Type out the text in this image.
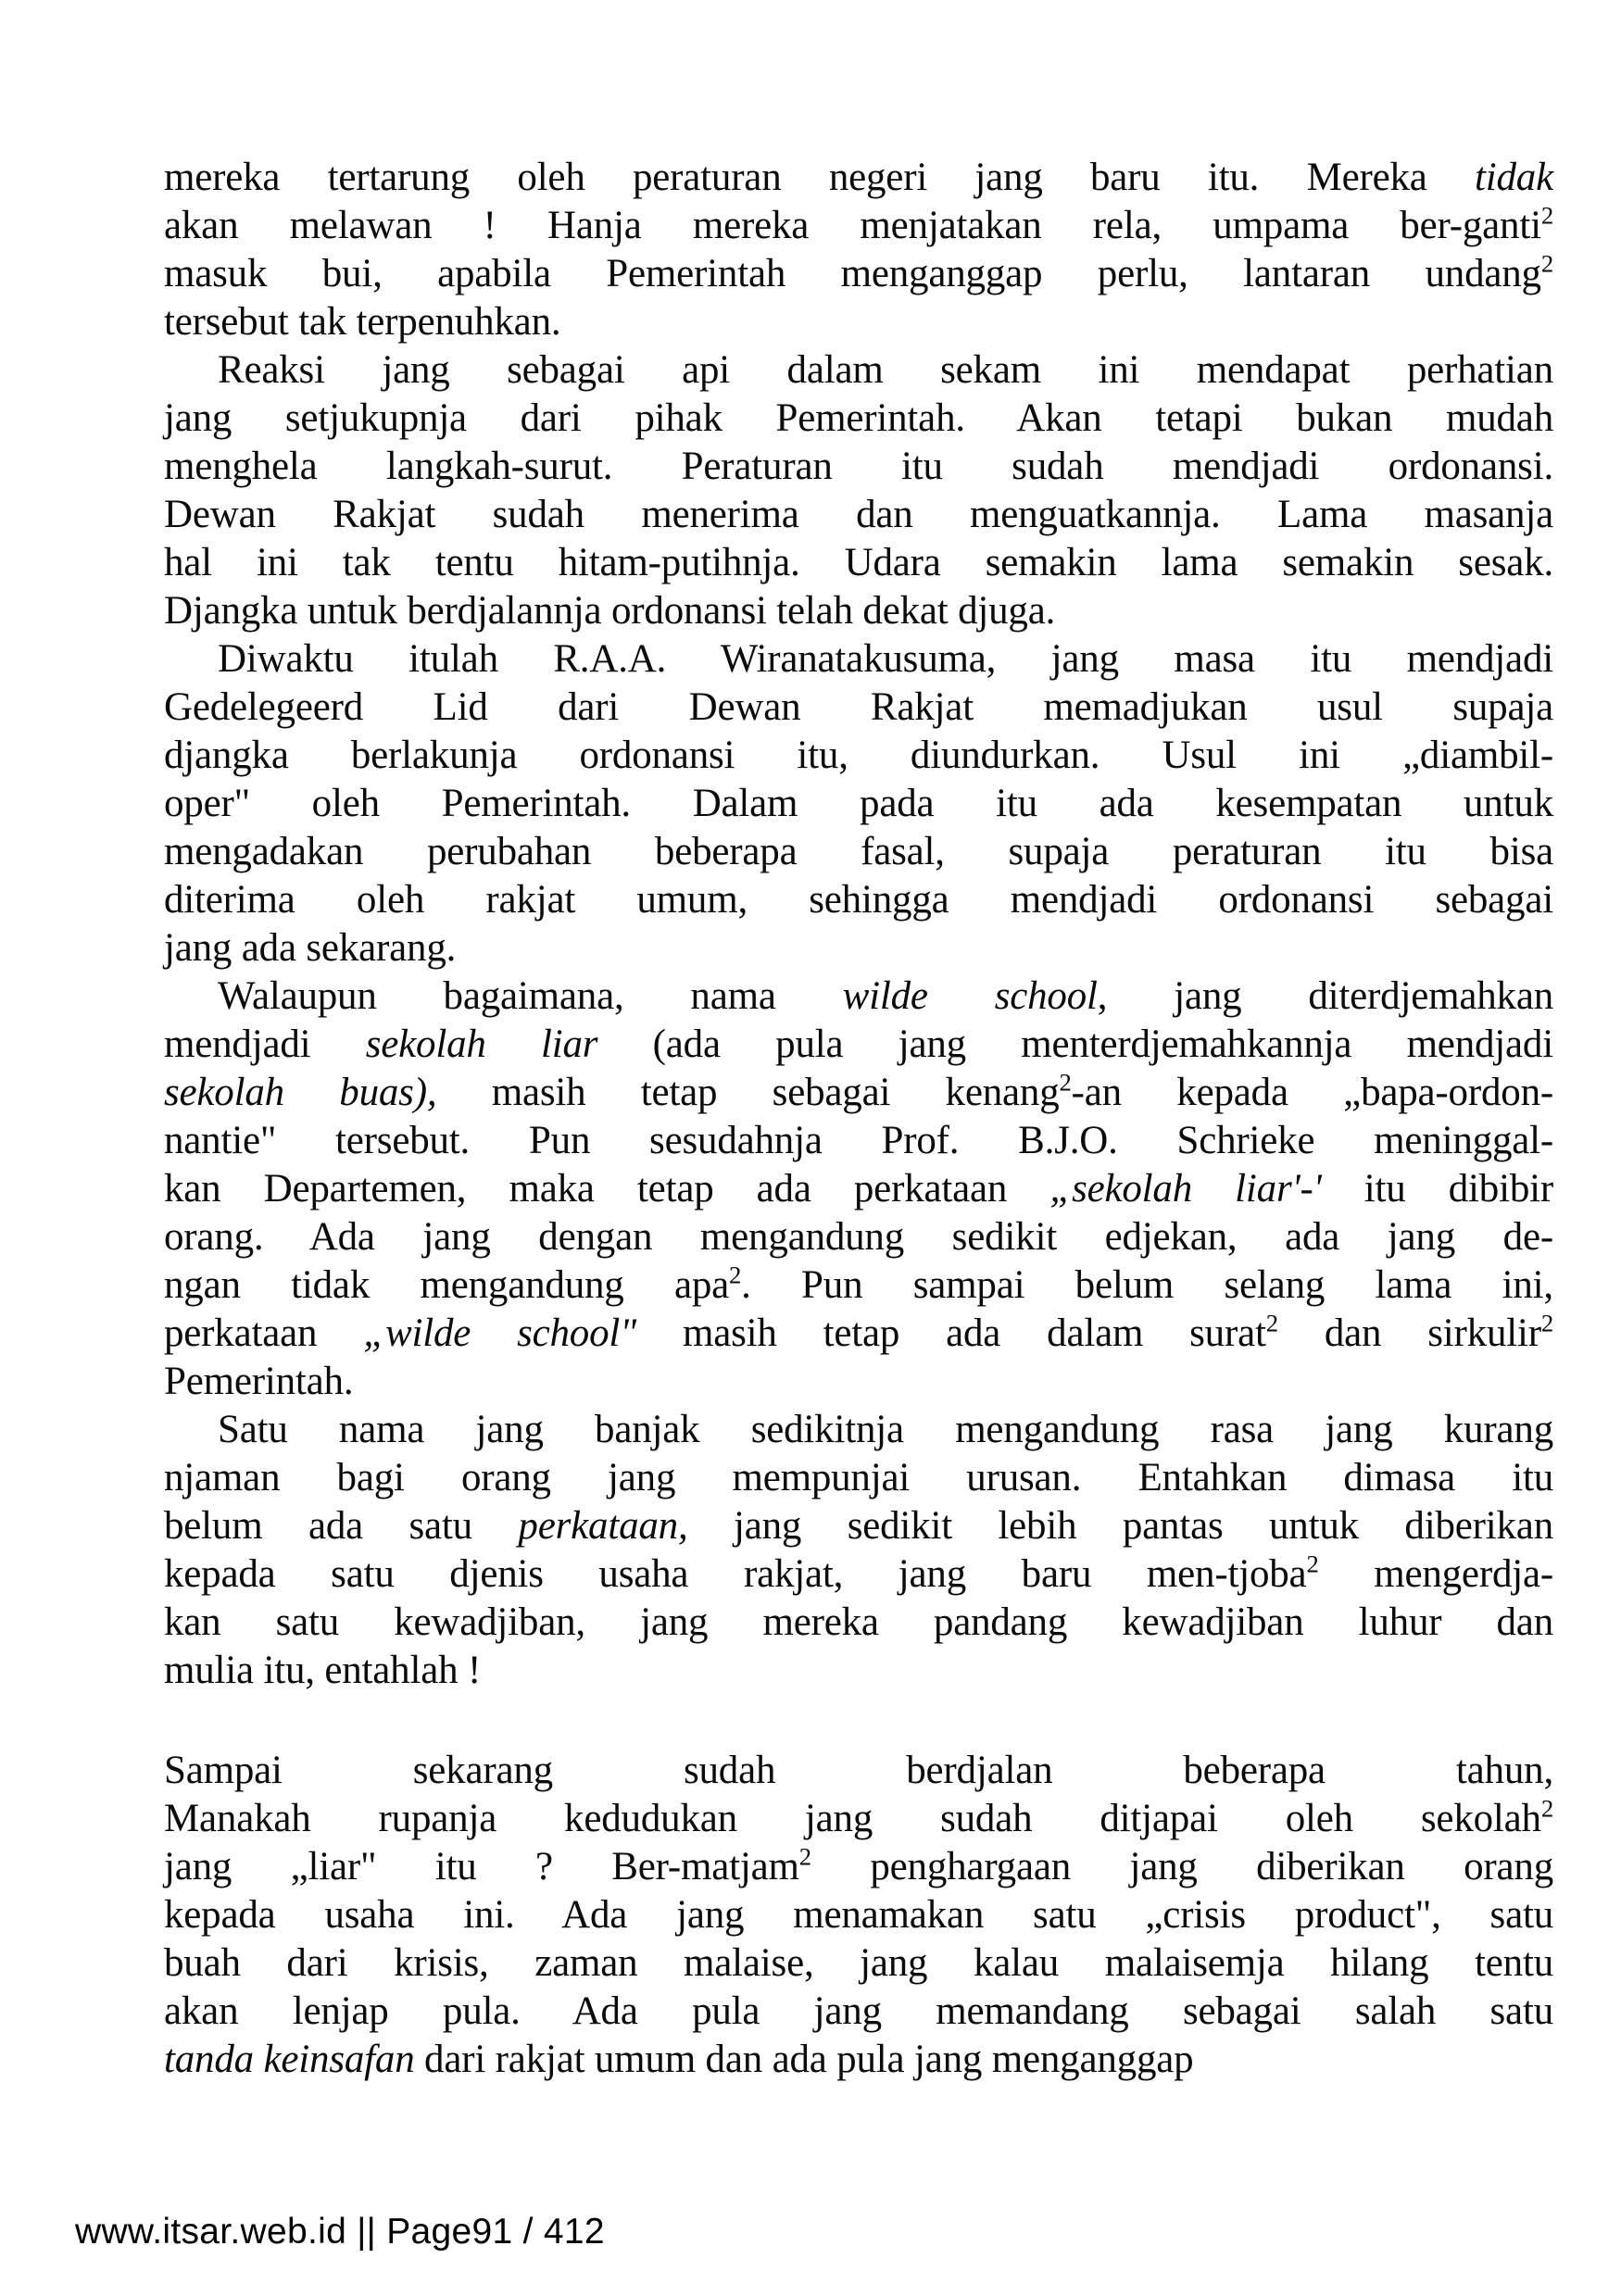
mereka tertarung oleh peraturan negeri jang baru itu. Mereka tidak
akan melawan ! Hanja mereka menjatakan rela, umpama ber-ganti$^2$
masuk bui, apabila Pemerintah menganggap perlu, lantaran undang$^2$
tersebut tak terpenuhkan.
Reaksi jang sebagai api dalam sekam ini mendapat perhatian
jang setjukupnja dari pihak Pemerintah. Akan tetapi bukan mudah
menghela langkah-surut. Peraturan itu sudah mendjadi ordonansi.
Dewan Rakjat sudah menerima dan menguatkannja. Lama masanja
hal ini tak tentu hitam-putihnja. Udara semakin lama semakin sesak.
Djangka untuk berdjalannja ordonansi telah dekat djuga.
Diwaktu itulah R.A.A. Wiranatakusuma, jang masa itu mendjadi
Gedelegeerd Lid dari Dewan Rakjat memadjukan usul supaja
djangka berlakunja ordonansi itu, diundurkan. Usul ini „diambil-
oper" oleh Pemerintah. Dalam pada itu ada kesempatan untuk
mengadakan perubahan beberapa fasal, supaja peraturan itu bisa
diterima oleh rakjat umum, sehingga mendjadi ordonansi sebagai
jang ada sekarang.
Walaupun bagaimana, nama wilde school, jang diterdjemahkan
mendjadi sekolah liar (ada pula jang menterdjemahkannja mendjadi
sekolah buas), masih tetap sebagai kenang$^2$-an kepada „bapa-ordon-
nantie" tersebut. Pun sesudahnja Prof. B.J.O. Schrieke meninggal-
kan Departemen, maka tetap ada perkataan „sekolah liar'-' itu dibibir
orang. Ada jang dengan mengandung sedikit edjekan, ada jang de-
ngan tidak mengandung apa$^2$. Pun sampai belum selang lama ini,
perkataan „wilde school" masih tetap ada dalam surat$^2$ dan sirkulir$^2$
Pemerintah.
Satu nama jang banjak sedikitnja mengandung rasa jang kurang
njaman bagi orang jang mempunjai urusan. Entahkan dimasa itu
belum ada satu perkataan, jang sedikit lebih pantas untuk diberikan
kepada satu djenis usaha rakjat, jang baru men-tjoba$^2$ mengerdja-
kan satu kewadjiban, jang mereka pandang kewadjiban luhur dan
mulia itu, entahlah !
Sampai sekarang sudah berdjalan beberapa tahun,
Manakah rupanja kedudukan jang sudah ditjapai oleh sekolah$^2$
jang „liar" itu ? Ber-matjam$^2$ penghargaan jang diberikan orang
kepada usaha ini. Ada jang menamakan satu „crisis product", satu
buah dari krisis, zaman malaise, jang kalau malaisemja hilang tentu
akan lenjap pula. Ada pula jang memandang sebagai salah satu
tanda keinsafan dari rakjat umum dan ada pula jang menganggap
www.itsar.web.id || Page91 / 412
